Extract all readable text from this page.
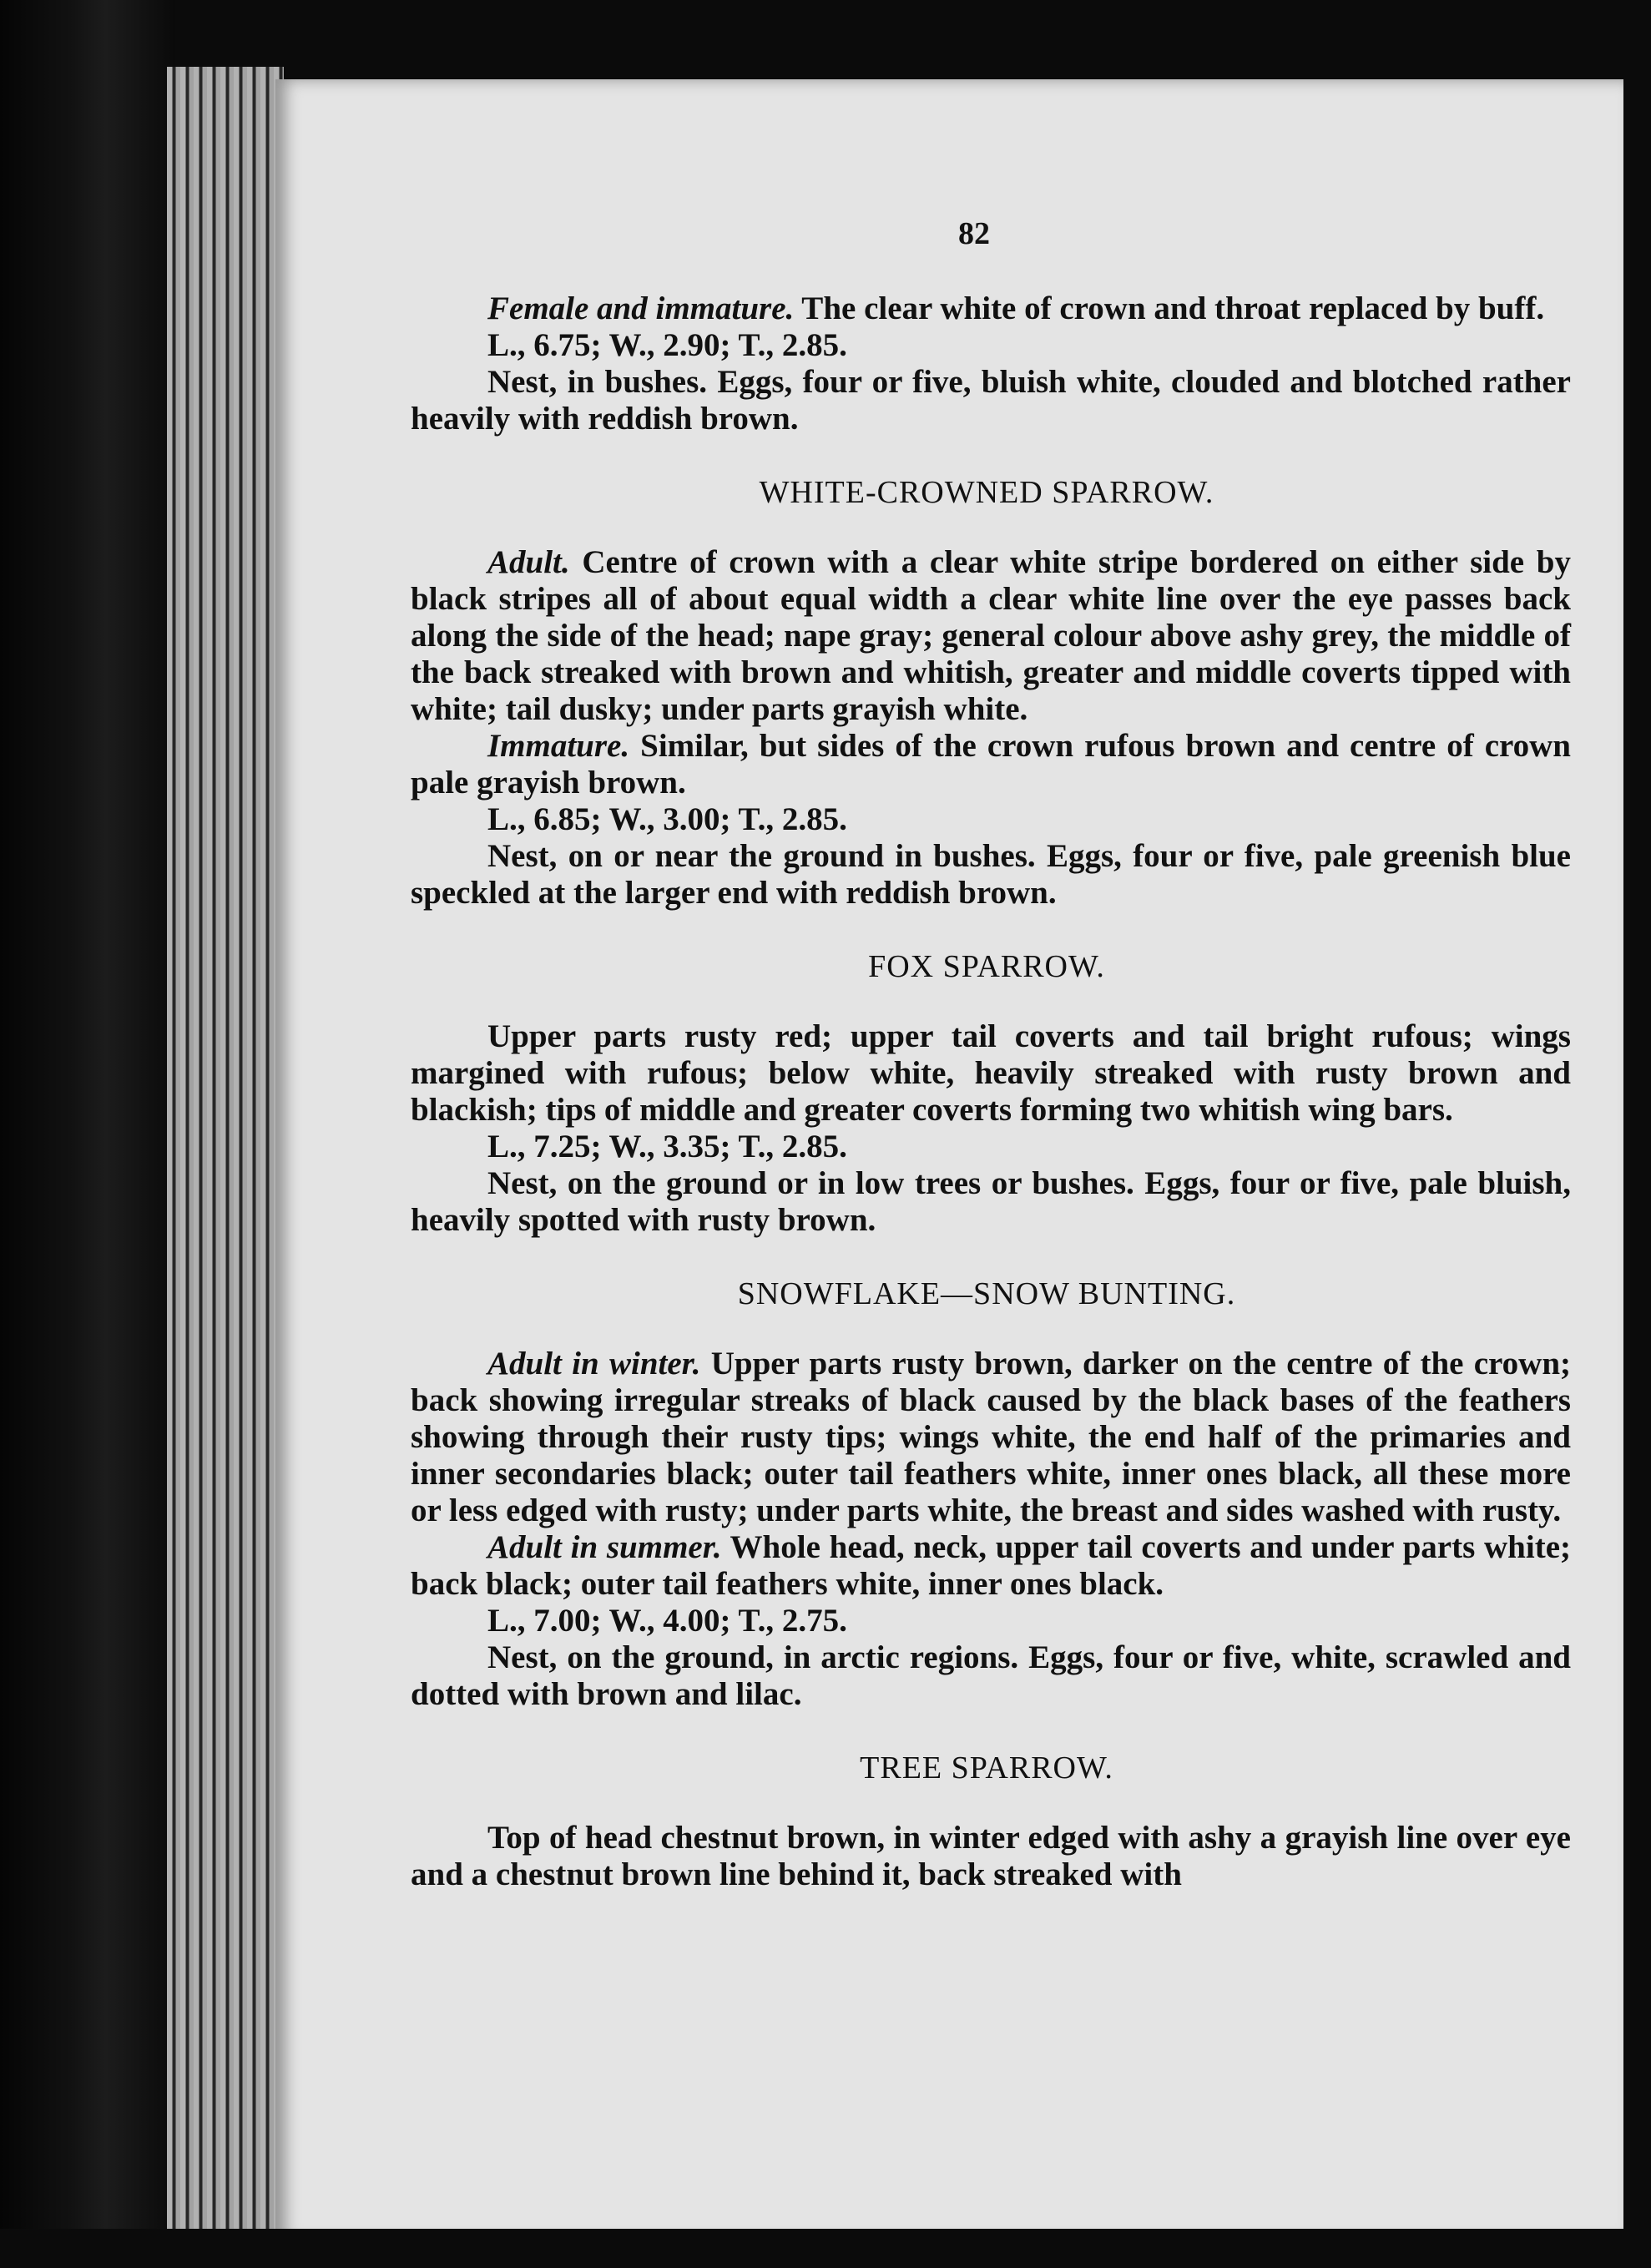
82

Female and immature. The clear white of crown and throat replaced by buff.

L., 6.75; W., 2.90; T., 2.85.

Nest, in bushes. Eggs, four or five, bluish white, clouded and blotched rather heavily with reddish brown.

WHITE-CROWNED SPARROW.

Adult. Centre of crown with a clear white stripe bordered on either side by black stripes all of about equal width a clear white line over the eye passes back along the side of the head; nape gray; general colour above ashy grey, the middle of the back streaked with brown and whitish, greater and middle coverts tipped with white; tail dusky; under parts grayish white.

Immature. Similar, but sides of the crown rufous brown and centre of crown pale grayish brown.

L., 6.85; W., 3.00; T., 2.85.

Nest, on or near the ground in bushes. Eggs, four or five, pale greenish blue speckled at the larger end with reddish brown.

FOX SPARROW.

Upper parts rusty red; upper tail coverts and tail bright rufous; wings margined with rufous; below white, heavily streaked with rusty brown and blackish; tips of middle and greater coverts forming two whitish wing bars.

L., 7.25; W., 3.35; T., 2.85.

Nest, on the ground or in low trees or bushes. Eggs, four or five, pale bluish, heavily spotted with rusty brown.

SNOWFLAKE—SNOW BUNTING.

Adult in winter. Upper parts rusty brown, darker on the centre of the crown; back showing irregular streaks of black caused by the black bases of the feathers showing through their rusty tips; wings white, the end half of the primaries and inner secondaries black; outer tail feathers white, inner ones black, all these more or less edged with rusty; under parts white, the breast and sides washed with rusty.

Adult in summer. Whole head, neck, upper tail coverts and under parts white; back black; outer tail feathers white, inner ones black.

L., 7.00; W., 4.00; T., 2.75.

Nest, on the ground, in arctic regions. Eggs, four or five, white, scrawled and dotted with brown and lilac.

TREE SPARROW.

Top of head chestnut brown, in winter edged with ashy a grayish line over eye and a chestnut brown line behind it, back streaked with
